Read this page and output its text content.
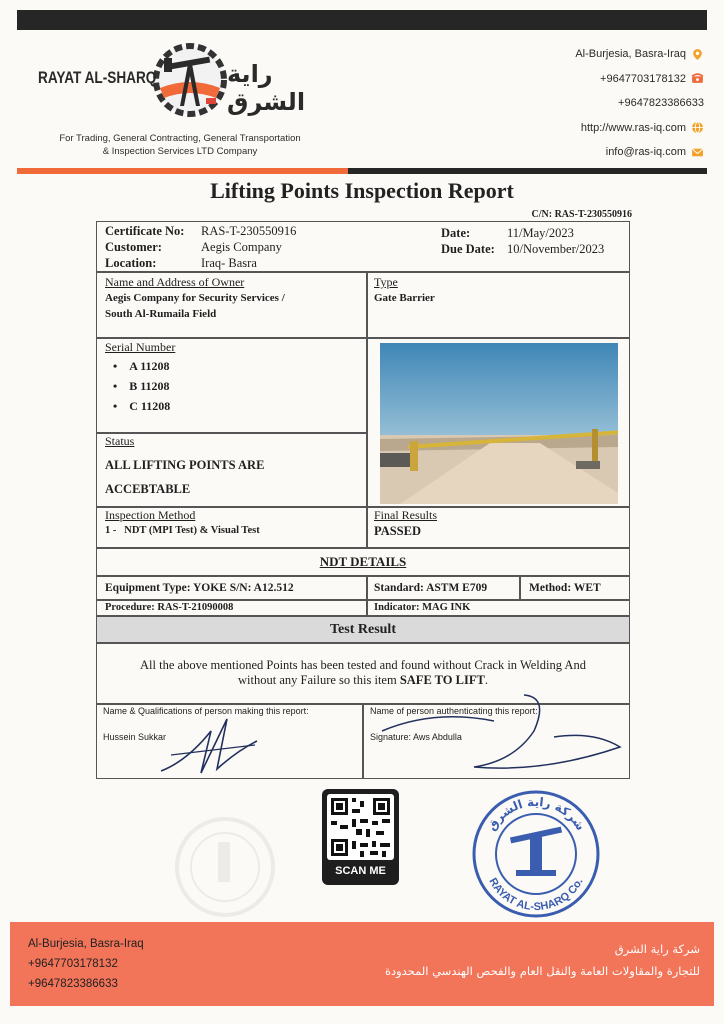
RAYAT AL-SHARQ	راية الشرق
For Trading, General Contracting, General Transportation
& Inspection Services LTD Company
Al-Burjesia, Basra-Iraq
+9647703178132
+9647823386633
http://www.ras-iq.com
info@ras-iq.com
Lifting Points Inspection Report
C/N: RAS-T-230550916
Certificate No:	RAS-T-230550916
Customer:	Aegis Company
Location:	Iraq- Basra
Date:	11/May/2023
Due Date: 10/November/2023
Name and Address of Owner
Aegis Company for Security Services /
South Al-Rumaila Field
Type
Gate Barrier
Serial Number
•    A 11208
•    B 11208
•    C 11208
Status
ALL LIFTING POINTS ARE
ACCEBTABLE
Inspection Method
1 - NDT (MPI Test) & Visual Test
Final Results
PASSED
NDT DETAILS
Equipment Type: YOKE S/N: A12.512	Standard: ASTM E709	Method: WET
Procedure: RAS-T-21090008	Indicator: MAG INK
Test Result
All the above mentioned Points has been tested and found without Crack in Welding And
without any Failure so this item SAFE TO LIFT.
Name & Qualifications of person making this report:
Hussein Sukkar
Name of person authenticating this report:
Signature: Aws Abdulla
SCAN ME
شركة راية الشرق
RAYAT AL-SHARQ Co.
Al-Burjesia, Basra-Iraq
+9647703178132
+9647823386633
شركة راية الشرق
للتجارة والمقاولات العامة والنقل العام والفحص الهندسي المحدودة
